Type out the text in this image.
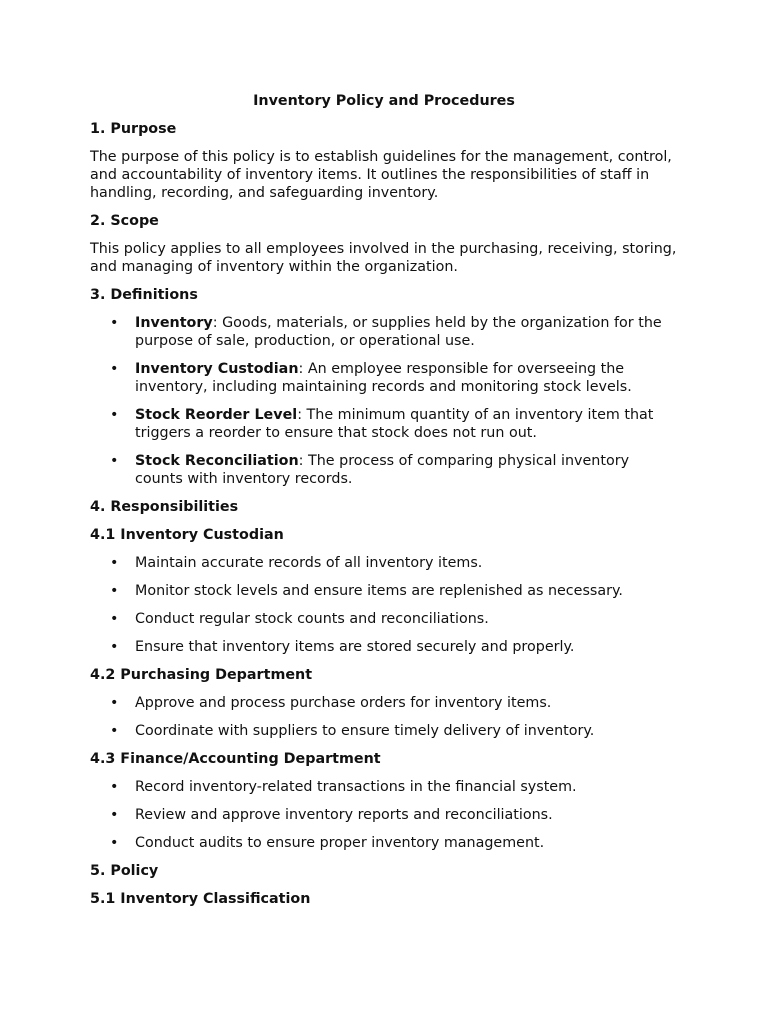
Inventory Policy and Procedures
1. Purpose

The purpose of this policy is to establish guidelines for the management, control, and accountability of inventory items. It outlines the responsibilities of staff in handling, recording, and safeguarding inventory.

2. Scope

This policy applies to all employees involved in the purchasing, receiving, storing, and managing of inventory within the organization.

3. Definitions
• Inventory: Goods, materials, or supplies held by the organization for the purpose of sale, production, or operational use.
• Inventory Custodian: An employee responsible for overseeing the inventory, including maintaining records and monitoring stock levels.
• Stock Reorder Level: The minimum quantity of an inventory item that triggers a reorder to ensure that stock does not run out.
• Stock Reconciliation: The process of comparing physical inventory counts with inventory records.
4. Responsibilities
4.1 Inventory Custodian
• Maintain accurate records of all inventory items.
• Monitor stock levels and ensure items are replenished as necessary.
• Conduct regular stock counts and reconciliations.
• Ensure that inventory items are stored securely and properly.
4.2 Purchasing Department
• Approve and process purchase orders for inventory items.
• Coordinate with suppliers to ensure timely delivery of inventory.
4.3 Finance/Accounting Department
• Record inventory-related transactions in the financial system.
• Review and approve inventory reports and reconciliations.
• Conduct audits to ensure proper inventory management.
5. Policy
5.1 Inventory Classification
